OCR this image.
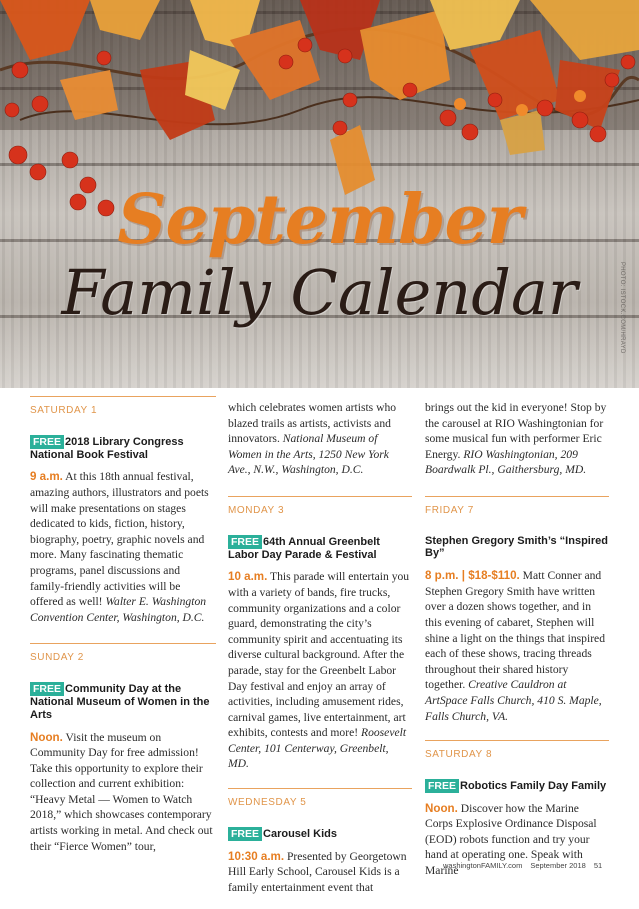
September
Family Calendar	PHOTO: ISTOCK.COM/HRAYD
SATURDAY 1
FREE 2018 Library Congress National Book Festival

9 a.m. At this 18th annual festival, amazing authors, illustrators and poets will make presentations on stages dedicated to kids, fiction, history, biography, poetry, graphic novels and more. Many fascinating thematic programs, panel discussions and family-friendly activities will be offered as well! Walter E. Washington Convention Center, Washington, D.C.

SUNDAY 2
FREE Community Day at the National Museum of Women in the Arts

Noon. Visit the museum on Community Day for free admission! Take this opportunity to explore their collection and current exhibition: “Heavy Metal — Women to Watch 2018,” which showcases contemporary artists working in metal. And check out their “Fierce Women” tour,

which celebrates women artists who blazed trails as artists, activists and innovators. National Museum of Women in the Arts, 1250 New York Ave., N.W., Washington, D.C.

MONDAY 3
FREE 64th Annual Greenbelt Labor Day Parade & Festival

10 a.m. This parade will entertain you with a variety of bands, fire trucks, community organizations and a color guard, demonstrating the city’s community spirit and accentuating its diverse cultural background. After the parade, stay for the Greenbelt Labor Day festival and enjoy an array of activities, including amusement rides, carnival games, live entertainment, art exhibits, contests and more! Roosevelt Center, 101 Centerway, Greenbelt, MD.

WEDNESDAY 5
FREE Carousel Kids

10:30 a.m. Presented by Georgetown Hill Early School, Carousel Kids is a family entertainment event that

brings out the kid in everyone! Stop by the carousel at RIO Washingtonian for some musical fun with performer Eric Energy. RIO Washingtonian, 209 Boardwalk Pl., Gaithersburg, MD.

FRIDAY 7
Stephen Gregory Smith’s “Inspired By”

8 p.m. | $18-$110. Matt Conner and Stephen Gregory Smith have written over a dozen shows together, and in this evening of cabaret, Stephen will shine a light on the things that inspired each of these shows, tracing threads throughout their shared history together. Creative Cauldron at ArtSpace Falls Church, 410 S. Maple, Falls Church, VA.

SATURDAY 8
FREE Robotics Family Day Family

Noon. Discover how the Marine Corps Explosive Ordinance Disposal (EOD) robots function and try your hand at operating one. Speak with Marine

washingtonFAMILY.com September 2018 51
